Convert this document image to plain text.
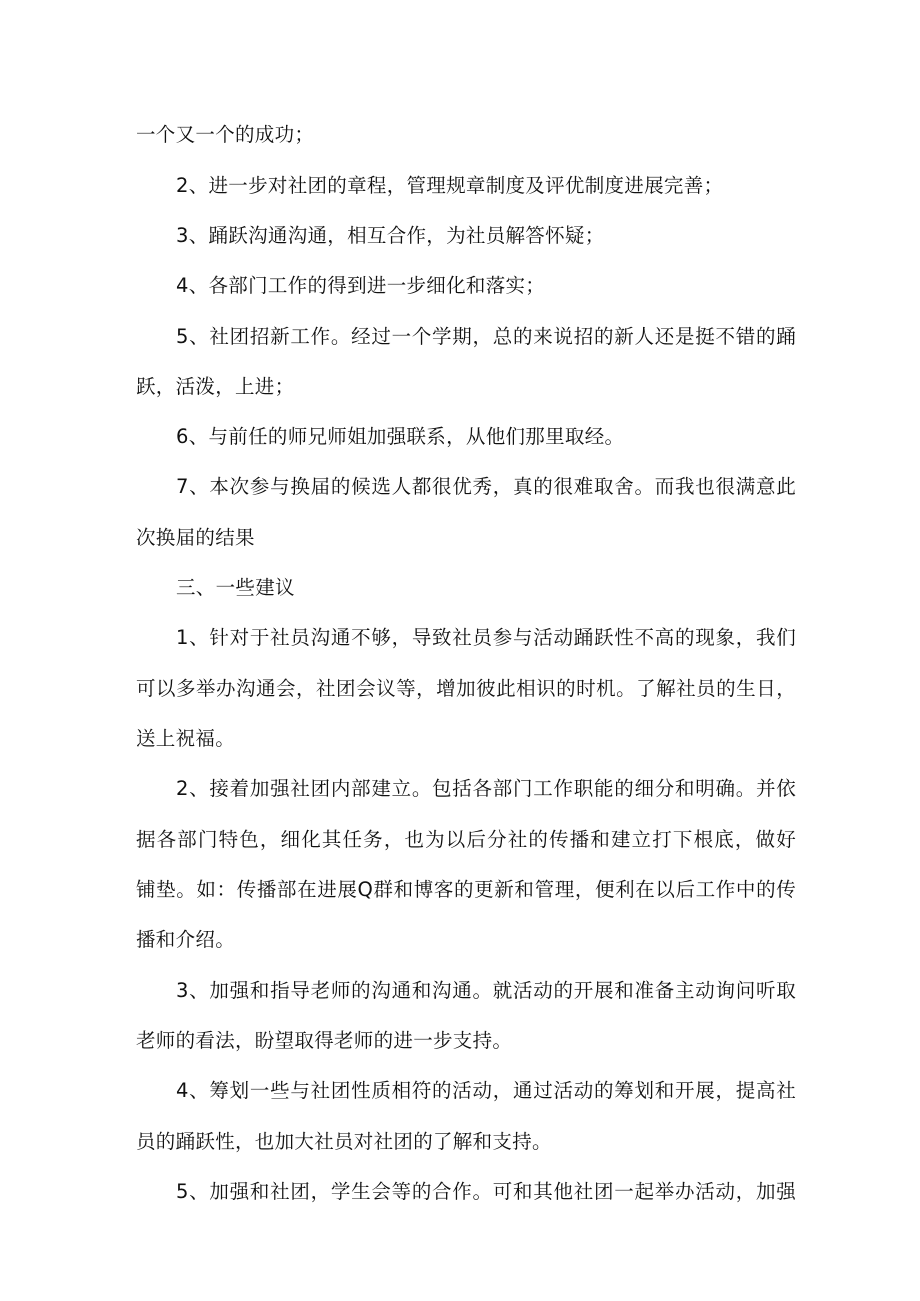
一个又一个的成功；
2、进一步对社团的章程，管理规章制度及评优制度进展完善；
3、踊跃沟通沟通，相互合作，为社员解答怀疑；
4、各部门工作的得到进一步细化和落实；
5、社团招新工作。经过一个学期，总的来说招的新人还是挺不错的踊
跃，活泼，上进；
6、与前任的师兄师姐加强联系，从他们那里取经。
7、本次参与换届的候选人都很优秀，真的很难取舍。而我也很满意此
次换届的结果
三、一些建议
1、针对于社员沟通不够，导致社员参与活动踊跃性不高的现象，我们
可以多举办沟通会，社团会议等，增加彼此相识的时机。了解社员的生日，
送上祝福。
2、接着加强社团内部建立。包括各部门工作职能的细分和明确。并依
据各部门特色，细化其任务，也为以后分社的传播和建立打下根底，做好
铺垫。如：传播部在进展Q群和博客的更新和管理，便利在以后工作中的传
播和介绍。
3、加强和指导老师的沟通和沟通。就活动的开展和准备主动询问听取
老师的看法，盼望取得老师的进一步支持。
4、筹划一些与社团性质相符的活动，通过活动的筹划和开展，提高社
员的踊跃性，也加大社员对社团的了解和支持。
5、加强和社团，学生会等的合作。可和其他社团一起举办活动，加强
